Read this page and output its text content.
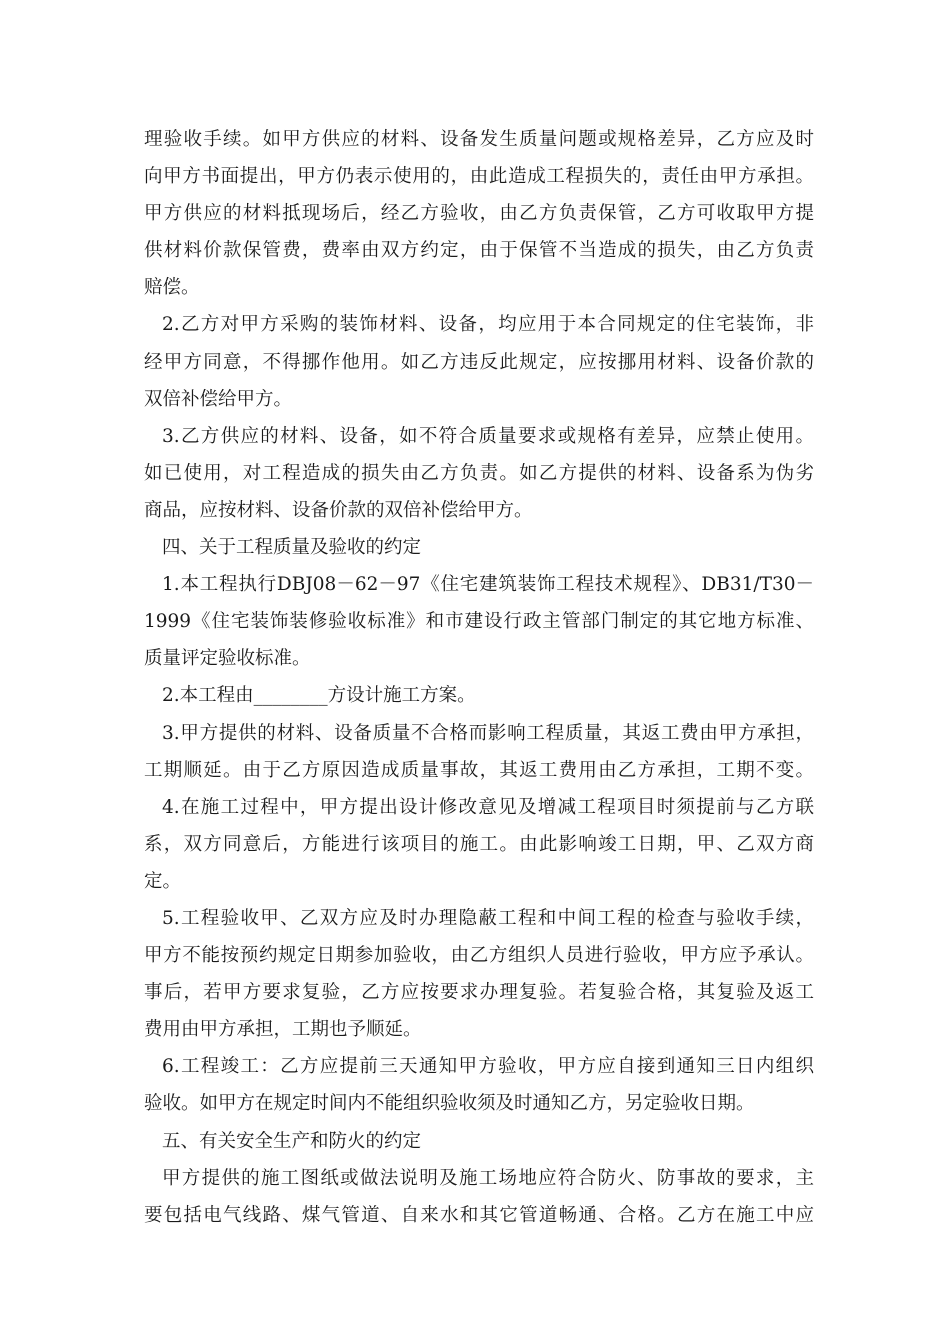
理验收手续。如甲方供应的材料、设备发生质量问题或规格差异，乙方应及时
向甲方书面提出，甲方仍表示使用的，由此造成工程损失的，责任由甲方承担。
甲方供应的材料抵现场后，经乙方验收，由乙方负责保管，乙方可收取甲方提
供材料价款保管费，费率由双方约定，由于保管不当造成的损失，由乙方负责
赔偿。
2.乙方对甲方采购的装饰材料、设备，均应用于本合同规定的住宅装饰，非
经甲方同意，不得挪作他用。如乙方违反此规定，应按挪用材料、设备价款的
双倍补偿给甲方。
3.乙方供应的材料、设备，如不符合质量要求或规格有差异，应禁止使用。
如已使用，对工程造成的损失由乙方负责。如乙方提供的材料、设备系为伪劣
商品，应按材料、设备价款的双倍补偿给甲方。
四、关于工程质量及验收的约定
1.本工程执行DBJ08－62－97《住宅建筑装饰工程技术规程》、DB31/T30－
1999《住宅装饰装修验收标准》和市建设行政主管部门制定的其它地方标准、
质量评定验收标准。
2.本工程由________方设计施工方案。
3.甲方提供的材料、设备质量不合格而影响工程质量，其返工费由甲方承担，
工期顺延。由于乙方原因造成质量事故，其返工费用由乙方承担，工期不变。
4.在施工过程中，甲方提出设计修改意见及增减工程项目时须提前与乙方联
系，双方同意后，方能进行该项目的施工。由此影响竣工日期，甲、乙双方商
定。
5.工程验收甲、乙双方应及时办理隐蔽工程和中间工程的检查与验收手续，
甲方不能按预约规定日期参加验收，由乙方组织人员进行验收，甲方应予承认。
事后，若甲方要求复验，乙方应按要求办理复验。若复验合格，其复验及返工
费用由甲方承担，工期也予顺延。
6.工程竣工：乙方应提前三天通知甲方验收，甲方应自接到通知三日内组织
验收。如甲方在规定时间内不能组织验收须及时通知乙方，另定验收日期。
五、有关安全生产和防火的约定
甲方提供的施工图纸或做法说明及施工场地应符合防火、防事故的要求，主
要包括电气线路、煤气管道、自来水和其它管道畅通、合格。乙方在施工中应
